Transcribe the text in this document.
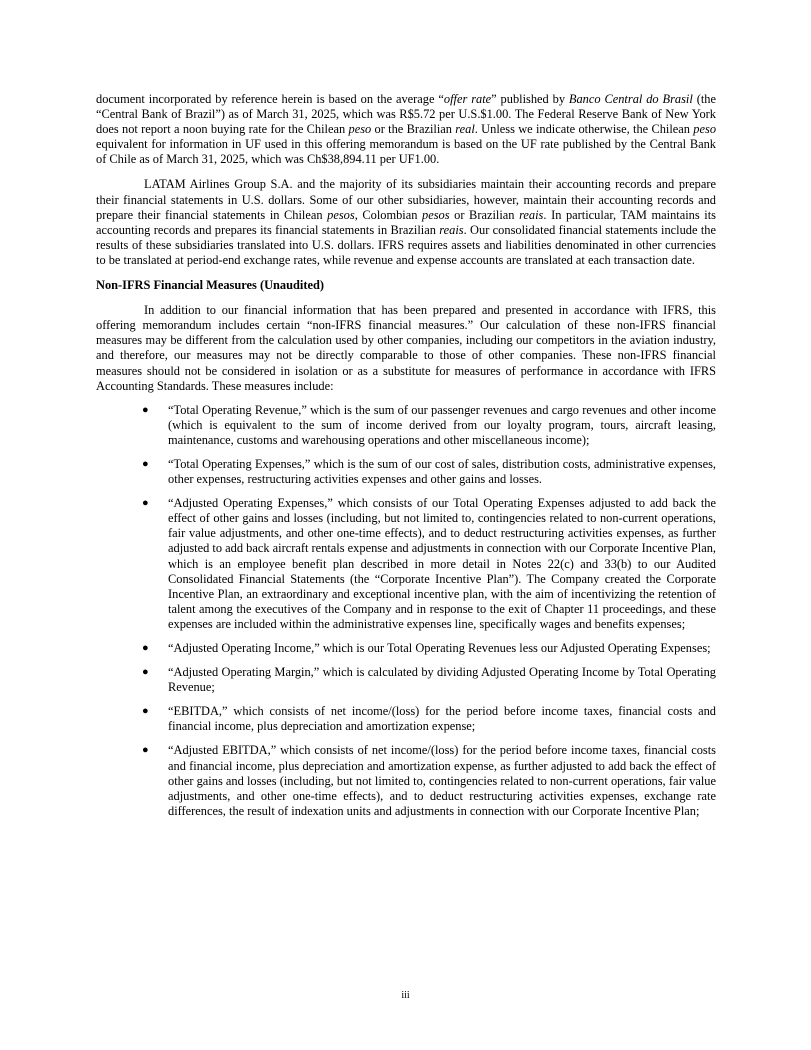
document incorporated by reference herein is based on the average “offer rate” published by Banco Central do Brasil (the “Central Bank of Brazil”) as of March 31, 2025, which was R$5.72 per U.S.$1.00. The Federal Reserve Bank of New York does not report a noon buying rate for the Chilean peso or the Brazilian real. Unless we indicate otherwise, the Chilean peso equivalent for information in UF used in this offering memorandum is based on the UF rate published by the Central Bank of Chile as of March 31, 2025, which was Ch$38,894.11 per UF1.00.

LATAM Airlines Group S.A. and the majority of its subsidiaries maintain their accounting records and prepare their financial statements in U.S. dollars. Some of our other subsidiaries, however, maintain their accounting records and prepare their financial statements in Chilean pesos, Colombian pesos or Brazilian reais. In particular, TAM maintains its accounting records and prepares its financial statements in Brazilian reais. Our consolidated financial statements include the results of these subsidiaries translated into U.S. dollars. IFRS requires assets and liabilities denominated in other currencies to be translated at period-end exchange rates, while revenue and expense accounts are translated at each transaction date.

Non-IFRS Financial Measures (Unaudited)

In addition to our financial information that has been prepared and presented in accordance with IFRS, this offering memorandum includes certain “non-IFRS financial measures.” Our calculation of these non-IFRS financial measures may be different from the calculation used by other companies, including our competitors in the aviation industry, and therefore, our measures may not be directly comparable to those of other companies. These non-IFRS financial measures should not be considered in isolation or as a substitute for measures of performance in accordance with IFRS Accounting Standards. These measures include:

● “Total Operating Revenue,” which is the sum of our passenger revenues and cargo revenues and other income (which is equivalent to the sum of income derived from our loyalty program, tours, aircraft leasing, maintenance, customs and warehousing operations and other miscellaneous income);
● “Total Operating Expenses,” which is the sum of our cost of sales, distribution costs, administrative expenses, other expenses, restructuring activities expenses and other gains and losses.
● “Adjusted Operating Expenses,” which consists of our Total Operating Expenses adjusted to add back the effect of other gains and losses (including, but not limited to, contingencies related to non-current operations, fair value adjustments, and other one-time effects), and to deduct restructuring activities expenses, as further adjusted to add back aircraft rentals expense and adjustments in connection with our Corporate Incentive Plan, which is an employee benefit plan described in more detail in Notes 22(c) and 33(b) to our Audited Consolidated Financial Statements (the “Corporate Incentive Plan”). The Company created the Corporate Incentive Plan, an extraordinary and exceptional incentive plan, with the aim of incentivizing the retention of talent among the executives of the Company and in response to the exit of Chapter 11 proceedings, and these expenses are included within the administrative expenses line, specifically wages and benefits expenses;
● “Adjusted Operating Income,” which is our Total Operating Revenues less our Adjusted Operating Expenses;
● “Adjusted Operating Margin,” which is calculated by dividing Adjusted Operating Income by Total Operating Revenue;
● “EBITDA,” which consists of net income/(loss) for the period before income taxes, financial costs and financial income, plus depreciation and amortization expense;
● “Adjusted EBITDA,” which consists of net income/(loss) for the period before income taxes, financial costs and financial income, plus depreciation and amortization expense, as further adjusted to add back the effect of other gains and losses (including, but not limited to, contingencies related to non-current operations, fair value adjustments, and other one-time effects), and to deduct restructuring activities expenses, exchange rate differences, the result of indexation units and adjustments in connection with our Corporate Incentive Plan;
iii
